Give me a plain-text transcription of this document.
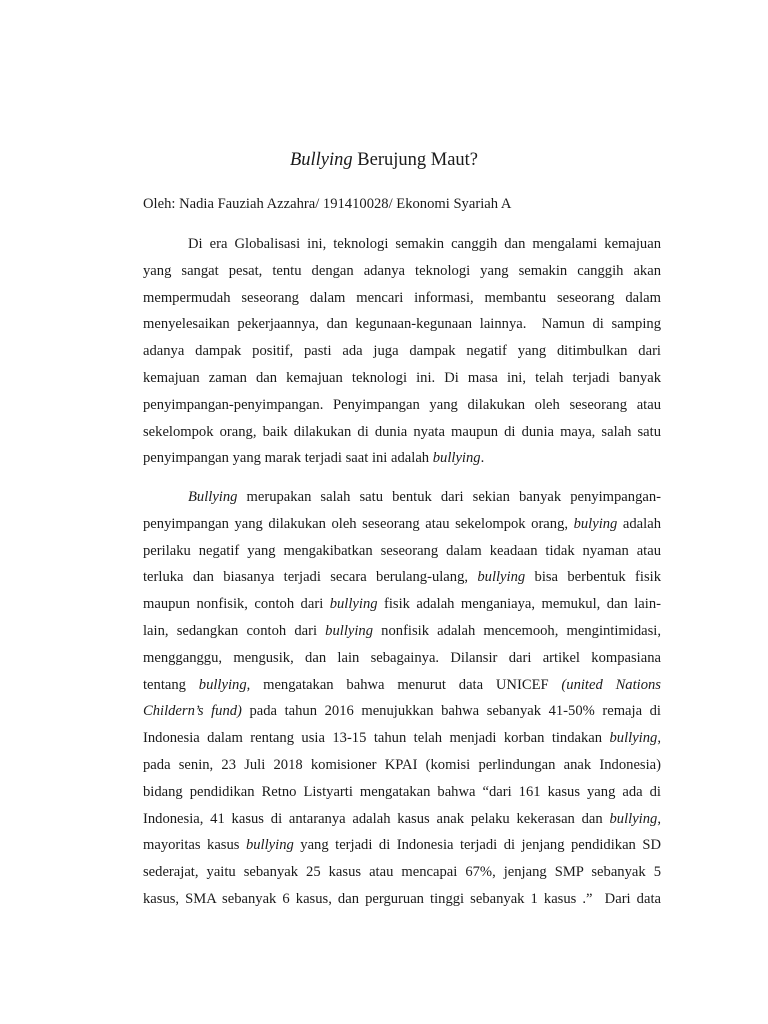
Bullying Berujung Maut?

Oleh: Nadia Fauziah Azzahra/ 191410028/ Ekonomi Syariah A

Di era Globalisasi ini, teknologi semakin canggih dan mengalami kemajuan
yang sangat pesat, tentu dengan adanya teknologi yang semakin canggih akan
mempermudah seseorang dalam mencari informasi, membantu seseorang dalam
menyelesaikan pekerjaannya, dan kegunaan-kegunaan lainnya.  Namun di samping
adanya dampak positif, pasti ada juga dampak negatif yang ditimbulkan dari
kemajuan zaman dan kemajuan teknologi ini. Di masa ini, telah terjadi banyak
penyimpangan-penyimpangan. Penyimpangan yang dilakukan oleh seseorang atau
sekelompok orang, baik dilakukan di dunia nyata maupun di dunia maya, salah satu
penyimpangan yang marak terjadi saat ini adalah bullying.
Bullying merupakan salah satu bentuk dari sekian banyak penyimpangan-
penyimpangan yang dilakukan oleh seseorang atau sekelompok orang, bulying adalah
perilaku negatif yang mengakibatkan seseorang dalam keadaan tidak nyaman atau
terluka dan biasanya terjadi secara berulang-ulang, bullying bisa berbentuk fisik
maupun nonfisik, contoh dari bullying fisik adalah menganiaya, memukul, dan lain-
lain, sedangkan contoh dari bullying nonfisik adalah mencemooh, mengintimidasi,
mengganggu, mengusik, dan lain sebagainya. Dilansir dari artikel kompasiana
tentang bullying, mengatakan bahwa menurut data UNICEF (united Nations
Childern’s fund) pada tahun 2016 menujukkan bahwa sebanyak 41-50% remaja di
Indonesia dalam rentang usia 13-15 tahun telah menjadi korban tindakan bullying,
pada senin, 23 Juli 2018 komisioner KPAI (komisi perlindungan anak Indonesia)
bidang pendidikan Retno Listyarti mengatakan bahwa “dari 161 kasus yang ada di
Indonesia, 41 kasus di antaranya adalah kasus anak pelaku kekerasan dan bullying,
mayoritas kasus bullying yang terjadi di Indonesia terjadi di jenjang pendidikan SD
sederajat, yaitu sebanyak 25 kasus atau mencapai 67%, jenjang SMP sebanyak 5
kasus, SMA sebanyak 6 kasus, dan perguruan tinggi sebanyak 1 kasus .”  Dari data
